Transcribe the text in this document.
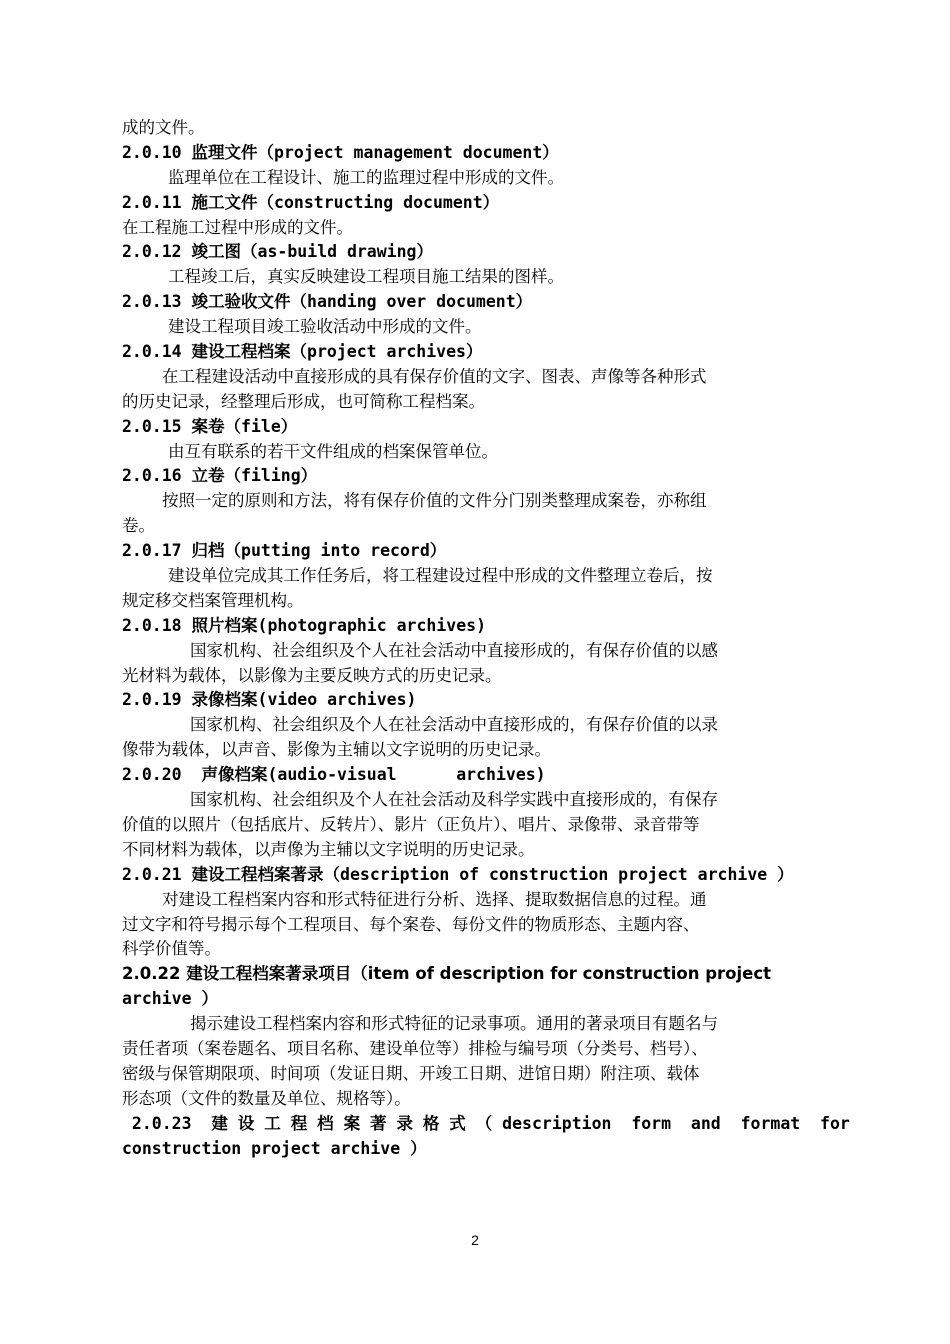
成的文件。
2.0.10 监理文件（project management document）
监理单位在工程设计、施工的监理过程中形成的文件。
2.0.11 施工文件（constructing document）
在工程施工过程中形成的文件。
2.0.12 竣工图（as-build drawing）
工程竣工后，真实反映建设工程项目施工结果的图样。
2.0.13 竣工验收文件（handing over document）
建设工程项目竣工验收活动中形成的文件。
2.0.14 建设工程档案（project archives）
在工程建设活动中直接形成的具有保存价值的文字、图表、声像等各种形式
的历史记录，经整理后形成，也可简称工程档案。
2.0.15 案卷（file）
由互有联系的若干文件组成的档案保管单位。
2.0.16 立卷（filing）
按照一定的原则和方法，将有保存价值的文件分门别类整理成案卷，亦称组
卷。
2.0.17 归档（putting into record）
建设单位完成其工作任务后，将工程建设过程中形成的文件整理立卷后，按
规定移交档案管理机构。
2.0.18 照片档案(photographic archives)
国家机构、社会组织及个人在社会活动中直接形成的，有保存价值的以感
光材料为载体，以影像为主要反映方式的历史记录。
2.0.19 录像档案(video archives)
国家机构、社会组织及个人在社会活动中直接形成的，有保存价值的以录
像带为载体，以声音、影像为主辅以文字说明的历史记录。
2.0.20  声像档案(audio-visual      archives)
国家机构、社会组织及个人在社会活动及科学实践中直接形成的，有保存
价值的以照片（包括底片、反转片）、影片（正负片）、唱片、录像带、录音带等
不同材料为载体，以声像为主辅以文字说明的历史记录。
2.0.21 建设工程档案著录（description of construction project archive ）
对建设工程档案内容和形式特征进行分析、选择、提取数据信息的过程。通
过文字和符号揭示每个工程项目、每个案卷、每份文件的物质形态、主题内容、
科学价值等。
2.0.22 建设工程档案著录项目（item of description for construction project
archive ）
揭示建设工程档案内容和形式特征的记录事项。通用的著录项目有题名与
责任者项（案卷题名、项目名称、建设单位等）排检与编号项（分类号、档号）、
密级与保管期限项、时间项（发证日期、开竣工日期、进馆日期）附注项、载体
形态项（文件的数量及单位、规格等）。
2.0.23  建 设 工 程 档 案 著 录 格 式 （ description  form  and  format  for
construction project archive ）
2
